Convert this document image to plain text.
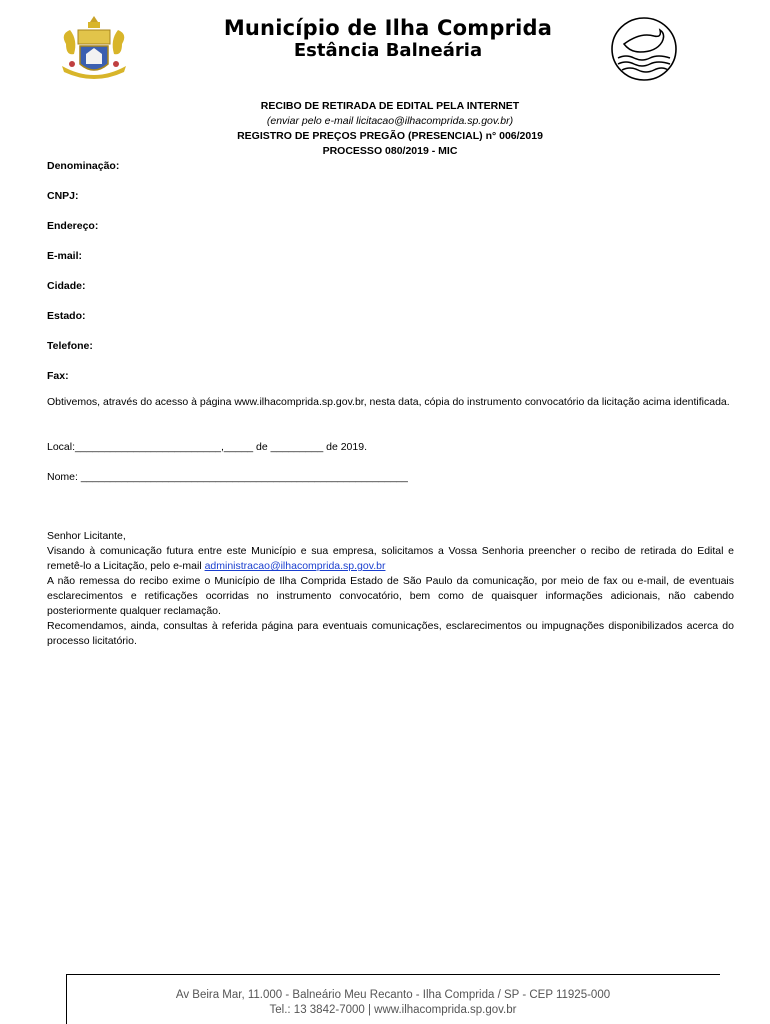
Município de Ilha Comprida
Estância Balneária
RECIBO DE RETIRADA DE EDITAL PELA INTERNET
(enviar pelo e-mail licitacao@ilhacomprida.sp.gov.br)
REGISTRO DE PREÇOS PREGÃO (PRESENCIAL) n° 006/2019
PROCESSO 080/2019 - MIC
Denominação:
CNPJ:
Endereço:
E-mail:
Cidade:
Estado:
Telefone:
Fax:
Obtivemos, através do acesso à página www.ilhacomprida.sp.gov.br, nesta data, cópia do instrumento convocatório da licitação acima identificada.
Local:_________________________,_____ de _________ de 2019.
Nome: ________________________________________________________

Senhor Licitante,

Visando à comunicação futura entre este Município e sua empresa, solicitamos a Vossa Senhoria preencher o recibo de retirada do Edital e remetê-lo a Licitação, pelo e-mail administracao@ilhacomprida.sp.gov.br

A não remessa do recibo exime o Município de Ilha Comprida Estado de São Paulo da comunicação, por meio de fax ou e-mail, de eventuais esclarecimentos e retificações ocorridas no instrumento convocatório, bem como de quaisquer informações adicionais, não cabendo posteriormente qualquer reclamação.

Recomendamos, ainda, consultas à referida página para eventuais comunicações, esclarecimentos ou impugnações disponibilizados acerca do processo licitatório.

Av Beira Mar, 11.000 - Balneário Meu Recanto - Ilha Comprida / SP - CEP 11925-000
Tel.: 13 3842-7000 | www.ilhacomprida.sp.gov.br
